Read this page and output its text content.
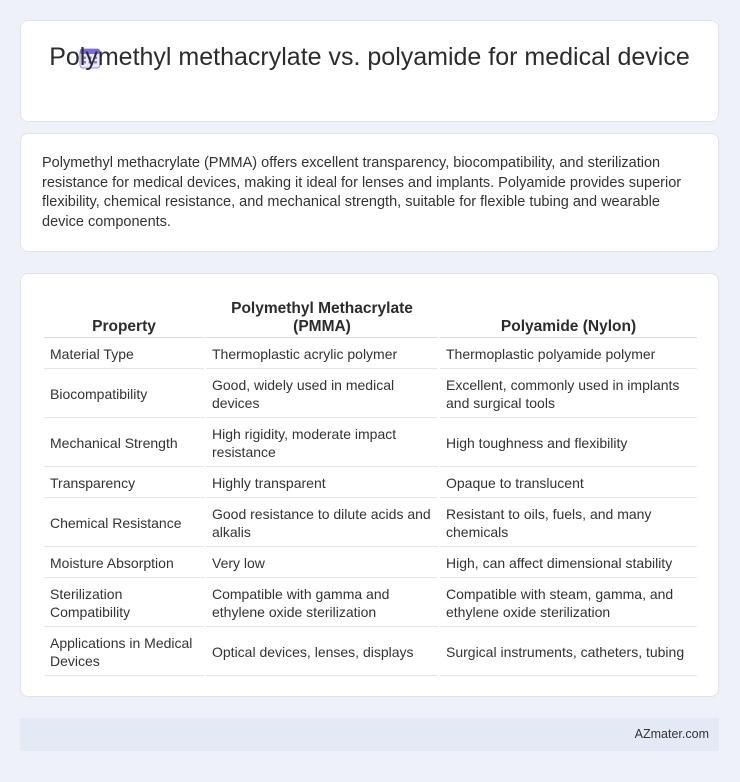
Polymethyl methacrylate vs. polyamide for medical device

Polymethyl methacrylate (PMMA) offers excellent transparency, biocompatibility, and sterilization resistance for medical devices, making it ideal for lenses and implants. Polyamide provides superior flexibility, chemical resistance, and mechanical strength, suitable for flexible tubing and wearable device components.

Property	Polymethyl Methacrylate (PMMA)	Polyamide (Nylon)
Material Type	Thermoplastic acrylic polymer	Thermoplastic polyamide polymer
Biocompatibility	Good, widely used in medical devices	Excellent, commonly used in implants and surgical tools
Mechanical Strength	High rigidity, moderate impact resistance	High toughness and flexibility
Transparency	Highly transparent	Opaque to translucent
Chemical Resistance	Good resistance to dilute acids and alkalis	Resistant to oils, fuels, and many chemicals
Moisture Absorption	Very low	High, can affect dimensional stability
Sterilization Compatibility	Compatible with gamma and ethylene oxide sterilization	Compatible with steam, gamma, and ethylene oxide sterilization
Applications in Medical Devices	Optical devices, lenses, displays	Surgical instruments, catheters, tubing
AZmater.com
